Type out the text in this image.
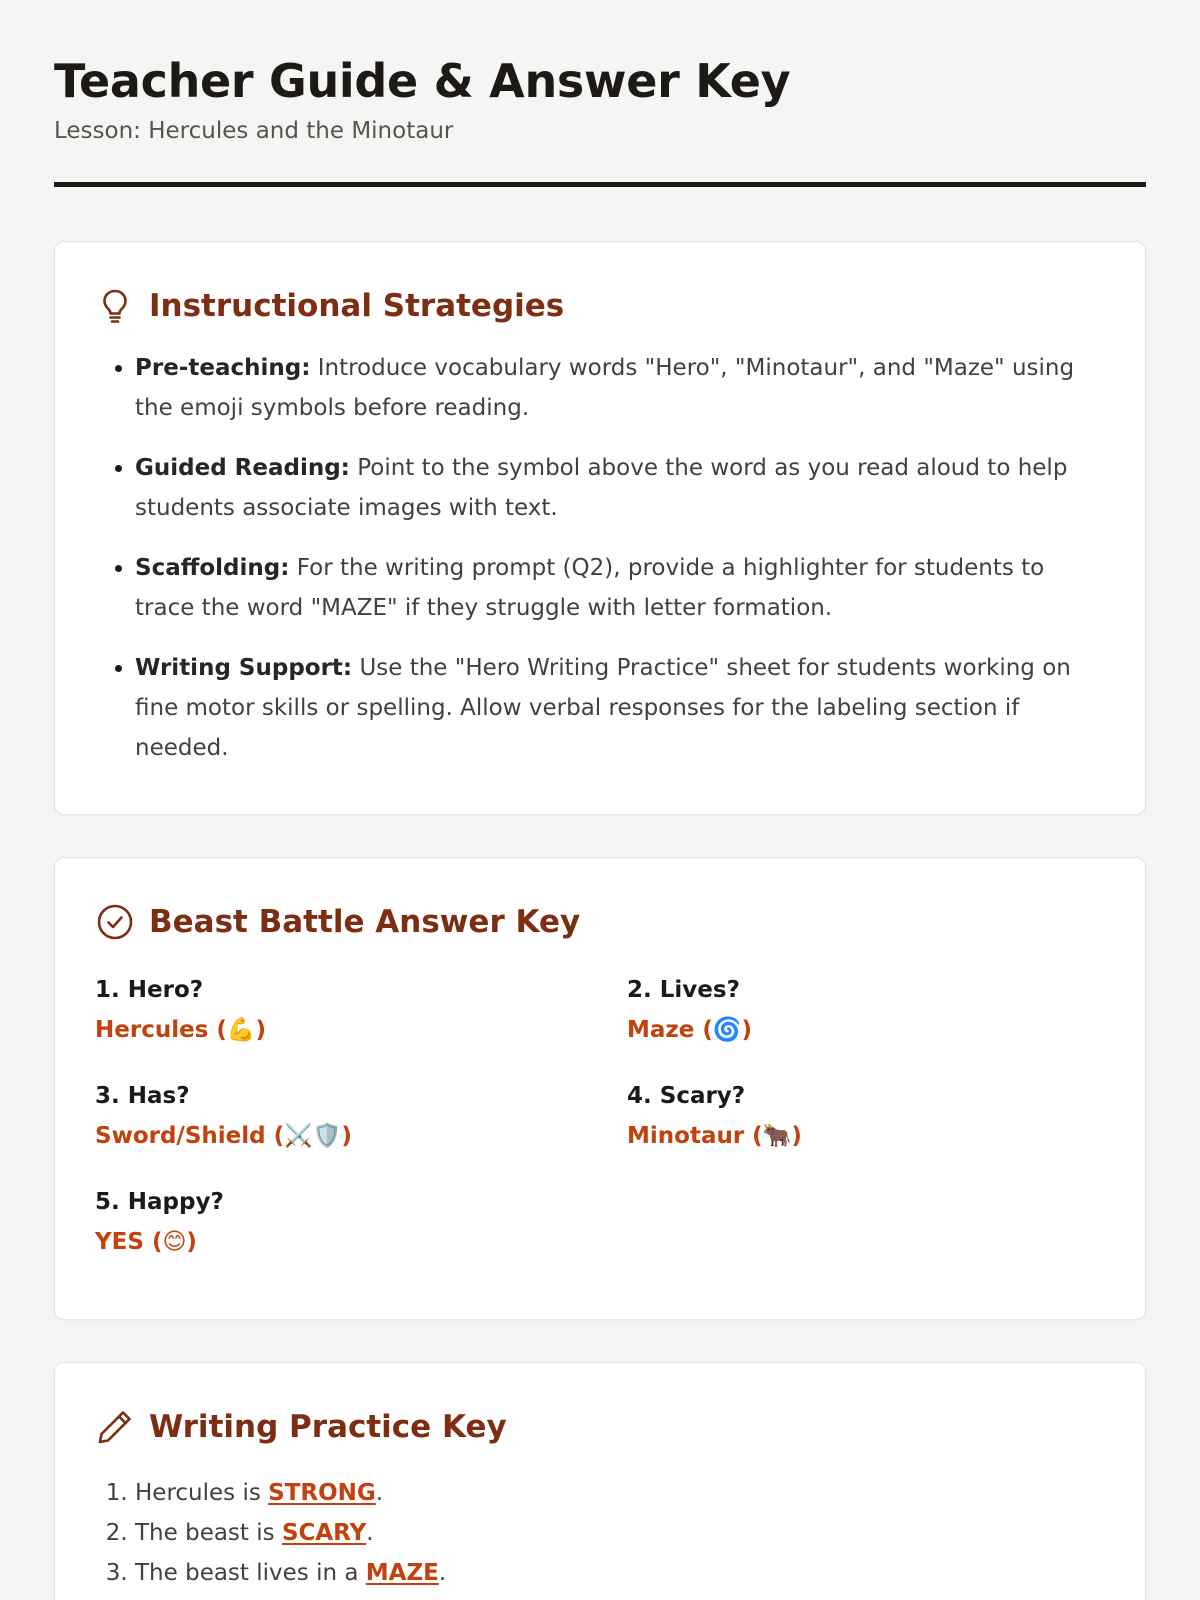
Teacher Guide & Answer Key

Lesson: Hercules and the Minotaur

Instructional Strategies
• Pre-teaching: Introduce vocabulary words "Hero", "Minotaur", and "Maze" using the emoji symbols before reading.
• Guided Reading: Point to the symbol above the word as you read aloud to help students associate images with text.
• Scaffolding: For the writing prompt (Q2), provide a highlighter for students to trace the word "MAZE" if they struggle with letter formation.
• Writing Support: Use the "Hero Writing Practice" sheet for students working on fine motor skills or spelling. Allow verbal responses for the labeling section if needed.
Beast Battle Answer Key
1. Hero?
Hercules (💪)
2. Lives?
Maze (🌀)
3. Has?
Sword/Shield (⚔️🛡️)
4. Scary?
Minotaur (🐂)
5. Happy?
YES (😊)
Writing Practice Key
1. Hercules is STRONG.
2. The beast is SCARY.
3. The beast lives in a MAZE.
